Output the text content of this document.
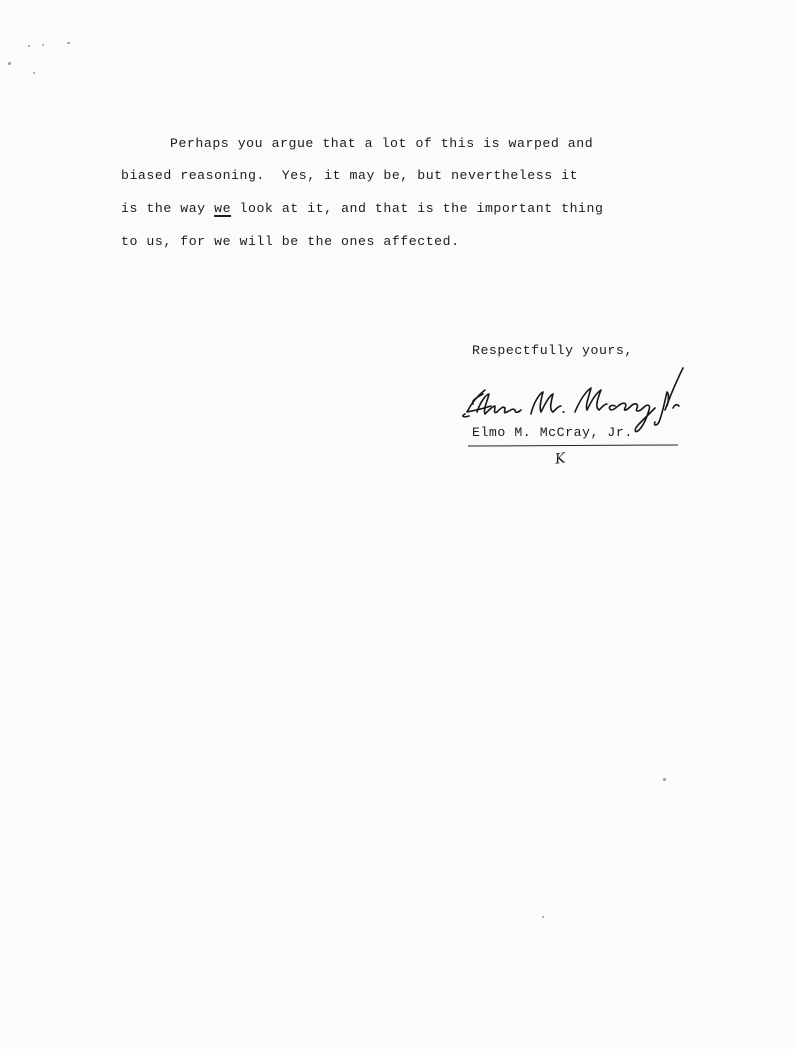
Perhaps you argue that a lot of this is warped and
biased reasoning.  Yes, it may be, but nevertheless it
is the way we look at it, and that is the important thing
to us, for we will be the ones affected.
Respectfully yours,
Elmo M. McCray, Jr.
K
